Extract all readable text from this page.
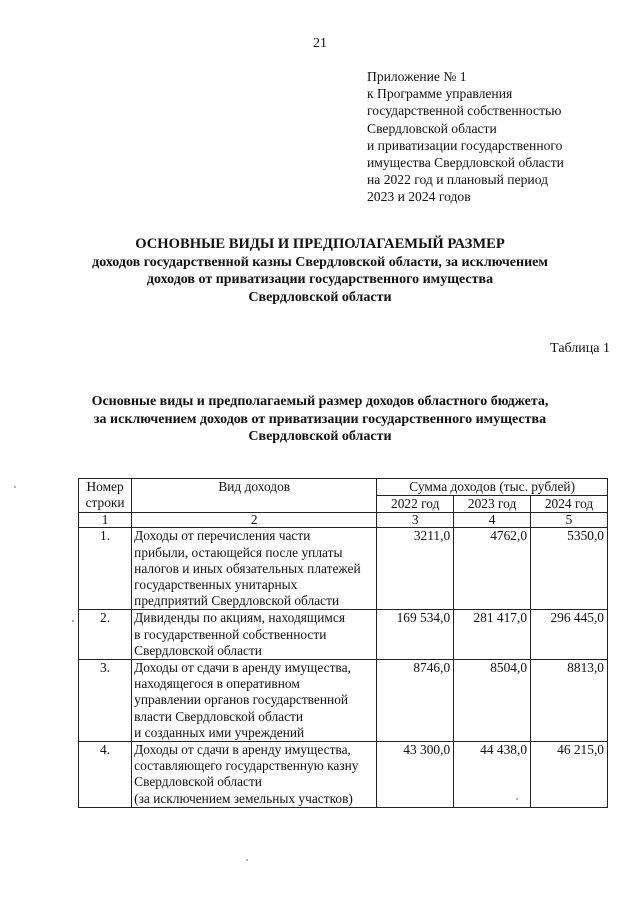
21
Приложение № 1
к Программе управления
государственной собственностью
Свердловской области
и приватизации государственного
имущества Свердловской области
на 2022 год и плановый период
2023 и 2024 годов
ОСНОВНЫЕ ВИДЫ И ПРЕДПОЛАГАЕМЫЙ РАЗМЕР
доходов государственной казны Свердловской области, за исключением
доходов от приватизации государственного имущества
Свердловской области
Таблица 1
Основные виды и предполагаемый размер доходов областного бюджета,
за исключением доходов от приватизации государственного имущества
Свердловской области
Номер строки	Вид доходов	Сумма доходов (тыс. рублей)		
		2022 год	2023 год	2024 год
1	2	3	4	5
1.	Доходы от перечисления части
прибыли, остающейся после уплаты
налогов и иных обязательных платежей
государственных унитарных
предприятий Свердловской области	3211,0	4762,0	5350,0
2.	Дивиденды по акциям, находящимся
в государственной собственности
Свердловской области	169 534,0	281 417,0	296 445,0
3.	Доходы от сдачи в аренду имущества,
находящегося в оперативном
управлении органов государственной
власти Свердловской области
и созданных ими учреждений	8746,0	8504,0	8813,0
4.	Доходы от сдачи в аренду имущества,
составляющего государственную казну
Свердловской области
(за исключением земельных участков)	43 300,0	44 438,0	46 215,0
